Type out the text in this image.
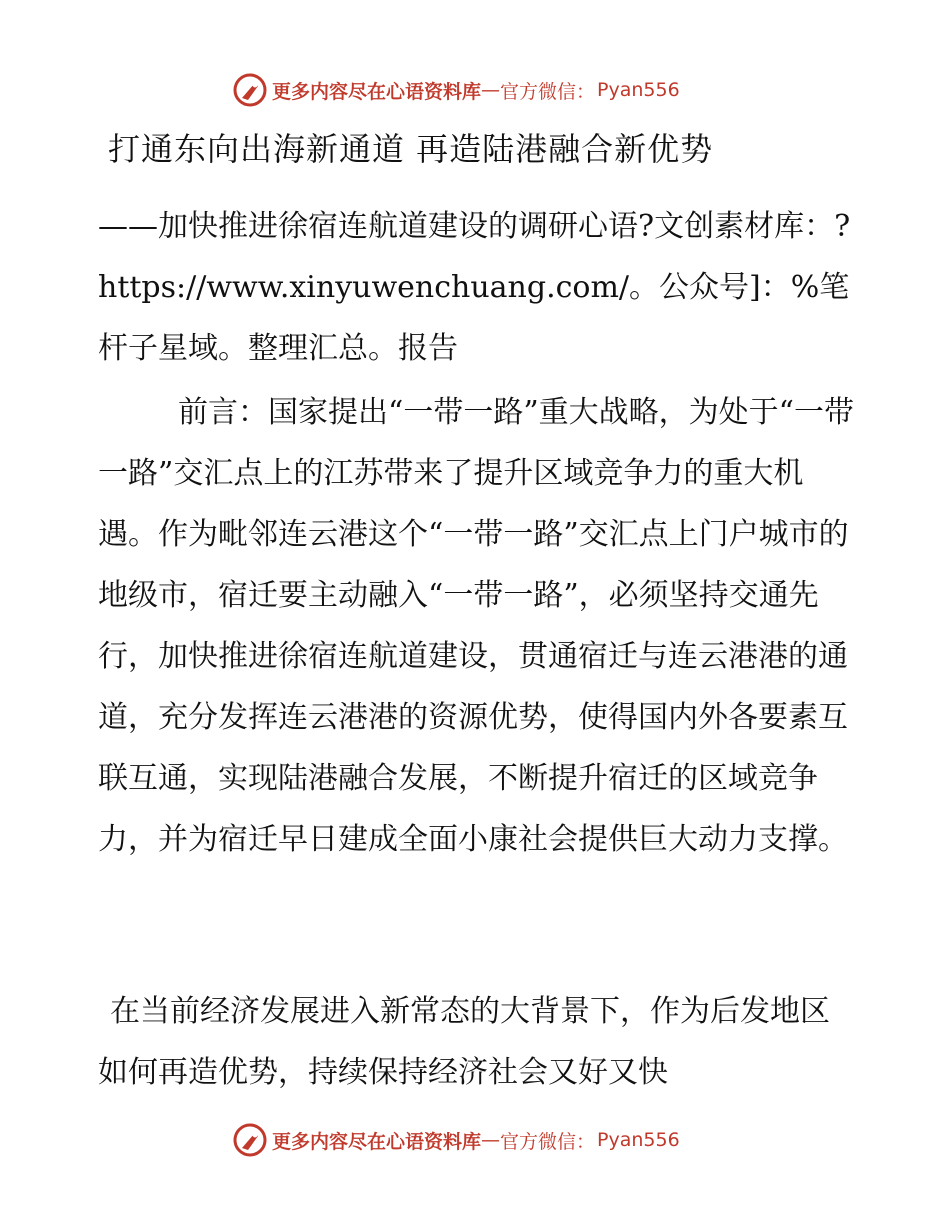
更多内容尽在心语资料库 — 官方微信： Pyan556
打通东向出海新通道 再造陆港融合新优势
——加快推进徐宿连航道建设的调研心语?文创素材库：?https://www.xinyuwenchuang.com/。公众号]：%笔杆子星域。整理汇总。报告
前言：国家提出“一带一路”重大战略，为处于“一带一路”交汇点上的江苏带来了提升区域竞争力的重大机遇。作为毗邻连云港这个“一带一路”交汇点上门户城市的地级市，宿迁要主动融入“一带一路”，必须坚持交通先行，加快推进徐宿连航道建设，贯通宿迁与连云港港的通道，充分发挥连云港港的资源优势，使得国内外各要素互联互通，实现陆港融合发展，不断提升宿迁的区域竞争力，并为宿迁早日建成全面小康社会提供巨大动力支撑。
在当前经济发展进入新常态的大背景下，作为后发地区如何再造优势，持续保持经济社会又好又快
更多内容尽在心语资料库 — 官方微信： Pyan556
